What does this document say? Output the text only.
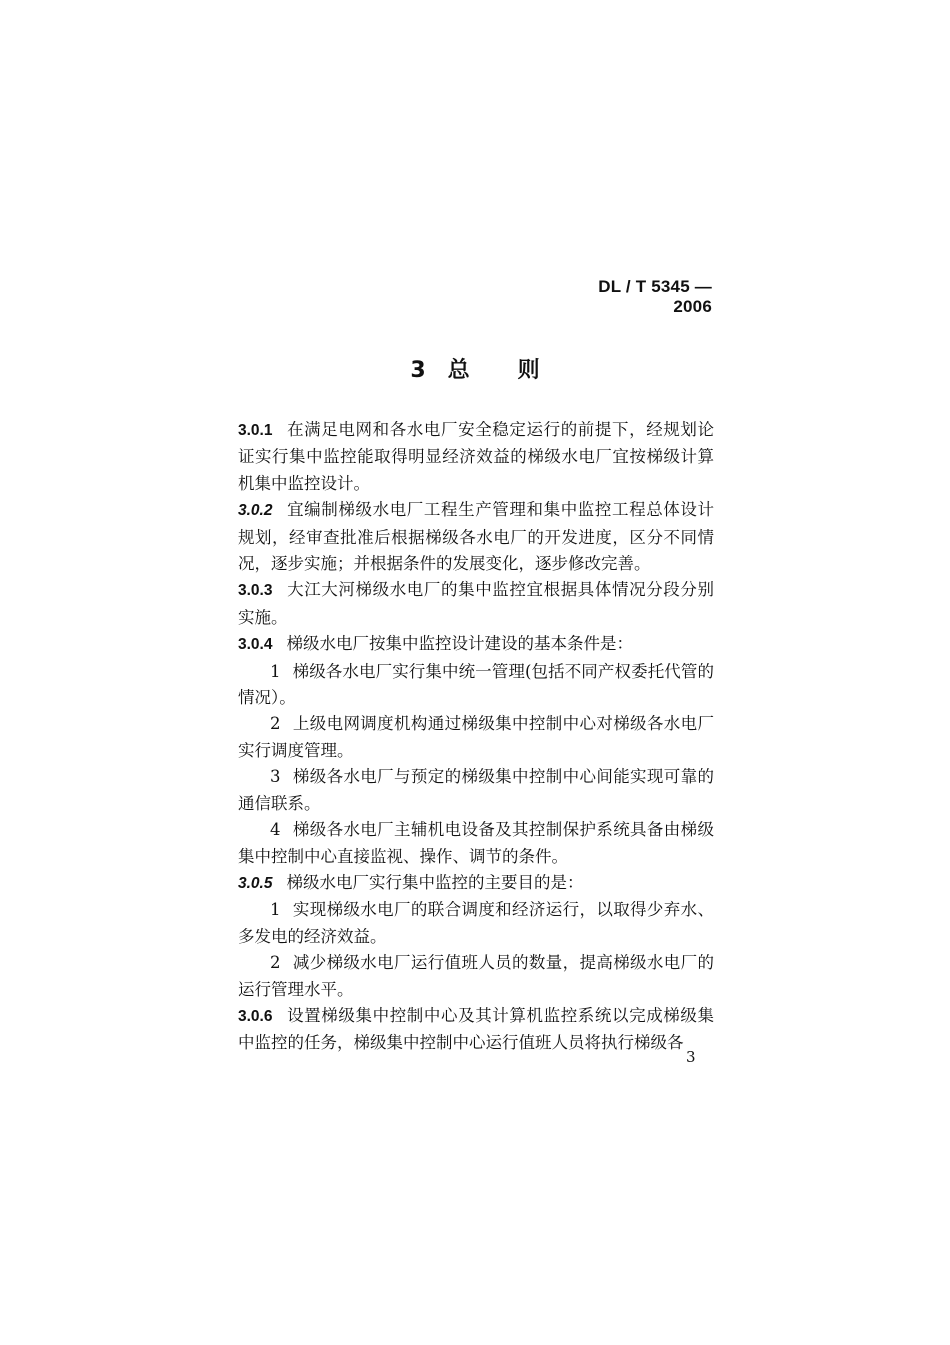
DL / T 5345 — 2006
3 总 则

3.0.1 在满足电网和各水电厂安全稳定运行的前提下，经规划论证实行集中监控能取得明显经济效益的梯级水电厂宜按梯级计算机集中监控设计。

3.0.2 宜编制梯级水电厂工程生产管理和集中监控工程总体设计规划，经审查批准后根据梯级各水电厂的开发进度，区分不同情况，逐步实施；并根据条件的发展变化，逐步修改完善。

3.0.3 大江大河梯级水电厂的集中监控宜根据具体情况分段分别实施。

3.0.4 梯级水电厂按集中监控设计建设的基本条件是：

1 梯级各水电厂实行集中统一管理(包括不同产权委托代管的情况）。

2 上级电网调度机构通过梯级集中控制中心对梯级各水电厂实行调度管理。

3 梯级各水电厂与预定的梯级集中控制中心间能实现可靠的通信联系。

4 梯级各水电厂主辅机电设备及其控制保护系统具备由梯级集中控制中心直接监视、操作、调节的条件。

3.0.5 梯级水电厂实行集中监控的主要目的是：

1 实现梯级水电厂的联合调度和经济运行，以取得少弃水、多发电的经济效益。

2 减少梯级水电厂运行值班人员的数量，提高梯级水电厂的运行管理水平。

3.0.6 设置梯级集中控制中心及其计算机监控系统以完成梯级集中监控的任务，梯级集中控制中心运行值班人员将执行梯级各

3
